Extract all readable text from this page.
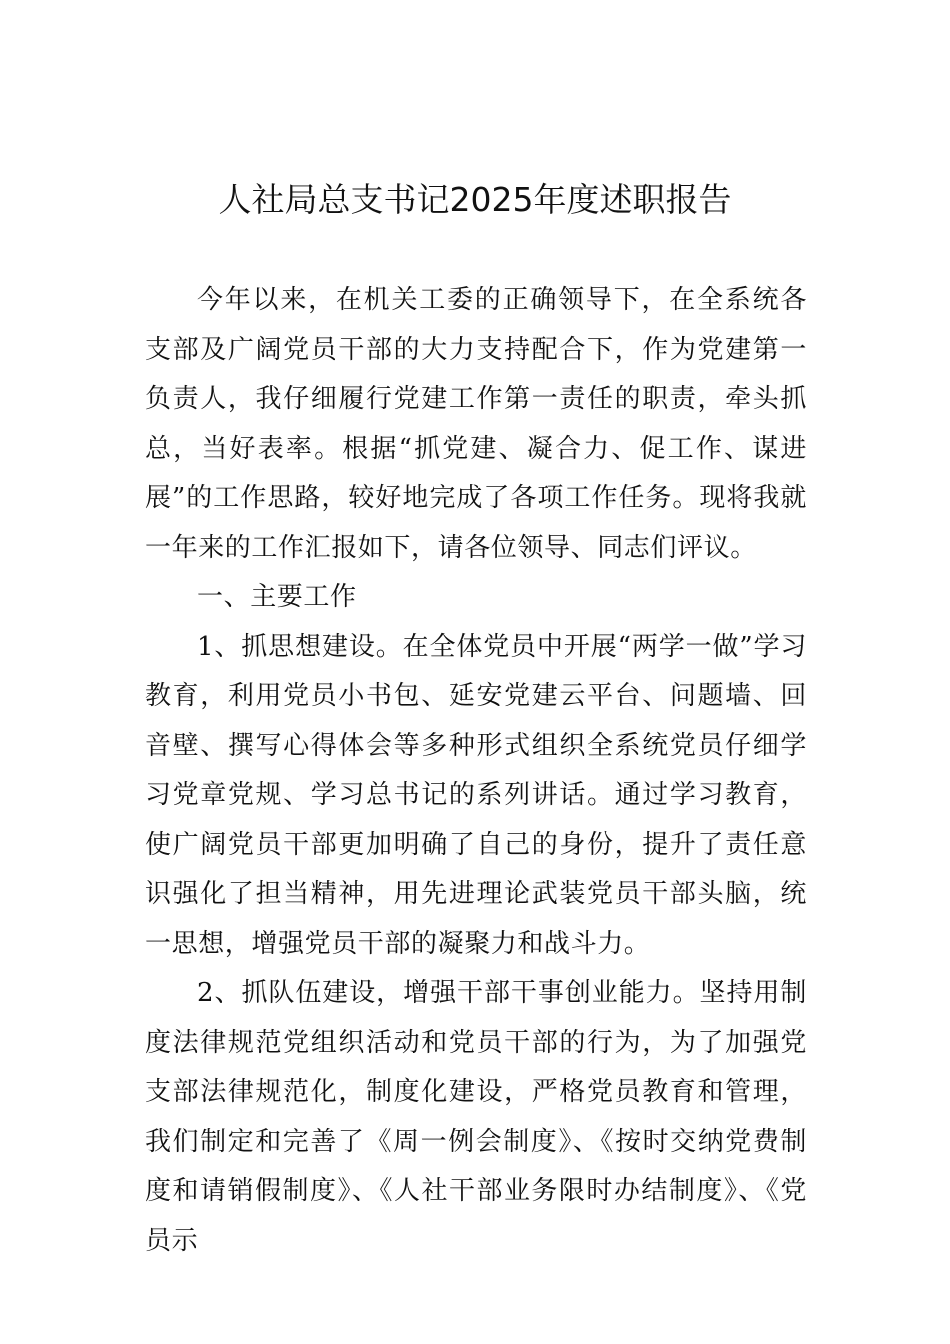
人社局总支书记2025年度述职报告

今年以来，在机关工委的正确领导下，在全系统各支部及广阔党员干部的大力支持配合下，作为党建第一负责人，我仔细履行党建工作第一责任的职责，牵头抓总，当好表率。根据“抓党建、凝合力、促工作、谋进展”的工作思路，较好地完成了各项工作任务。现将我就一年来的工作汇报如下，请各位领导、同志们评议。

一、主要工作

1、抓思想建设。在全体党员中开展“两学一做”学习教育，利用党员小书包、延安党建云平台、问题墙、回音壁、撰写心得体会等多种形式组织全系统党员仔细学习党章党规、学习总书记的系列讲话。通过学习教育，使广阔党员干部更加明确了自己的身份，提升了责任意识强化了担当精神，用先进理论武装党员干部头脑，统一思想，增强党员干部的凝聚力和战斗力。

2、抓队伍建设，增强干部干事创业能力。坚持用制度法律规范党组织活动和党员干部的行为，为了加强党支部法律规范化，制度化建设，严格党员教育和管理，我们制定和完善了《周一例会制度》、《按时交纳党费制度和请销假制度》、《人社干部业务限时办结制度》、《党员示
